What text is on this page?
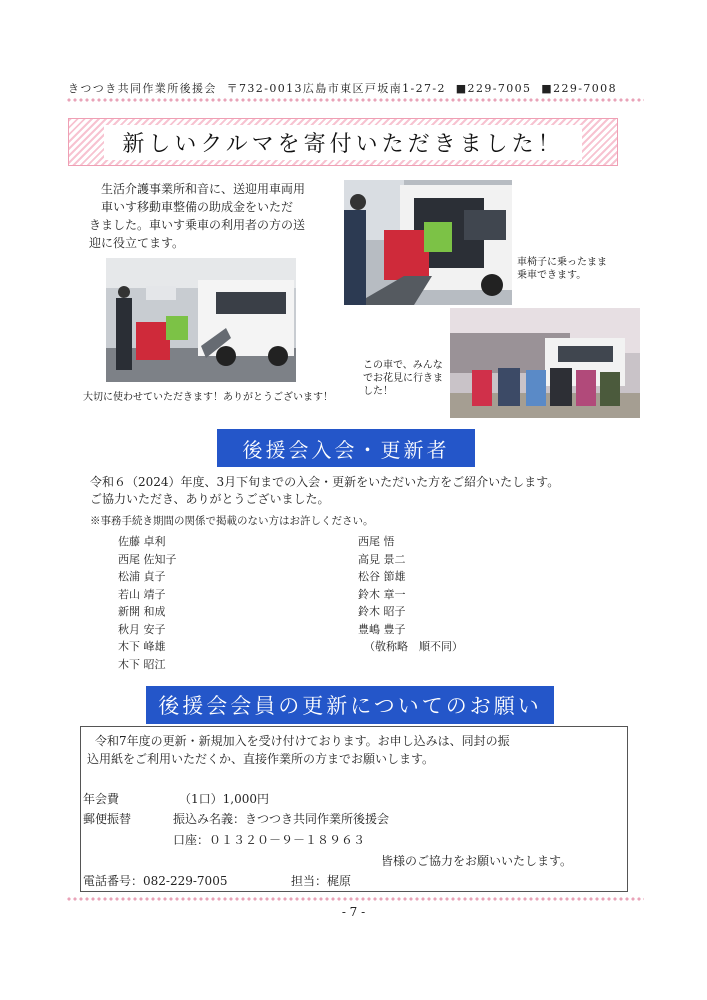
きつつき共同作業所後援会 〒732-0013広島市東区戸坂南1-27-2  ■229-7005  ■229-7008
新しいクルマを寄付いただきました！
生活介護事業所和音に、送迎用車両用
車いす移動車整備の助成金をいただ
きました。車いす乗車の利用者の方の送
迎に役立てます。
車椅子に乗ったまま
乗車できます。
大切に使わせていただきます！ありがとうございます！
この車で、みんな
でお花見に行きま
した！
後援会入会・更新者
令和６（2024）年度、3月下旬までの入会・更新をいただいた方をご紹介いたします。
ご協力いただき、ありがとうございました。
※事務手続き期間の関係で掲載のない方はお許しください。
佐藤 卓利
西尾 佐知子
松浦 貞子
若山 靖子
新開 和成
秋月 安子
木下 峰雄
木下 昭江
西尾 悟
高見 景二
松谷 節雄
鈴木 章一
鈴木 昭子
豊嶋 豊子
（敬称略　順不同）
後援会会員の更新についてのお願い
令和7年度の更新・新規加入を受け付けております。お申し込みは、同封の振
込用紙をご利用いただくか、直接作業所の方までお願いします。
年会費	（1口）1,000円
郵便振替	振込み名義：きつつき共同作業所後援会
口座：０１３２０－９－１８９６３
皆様のご協力をお願いいたします。
電話番号：082-229-7005	担当：梶原
- 7 -
